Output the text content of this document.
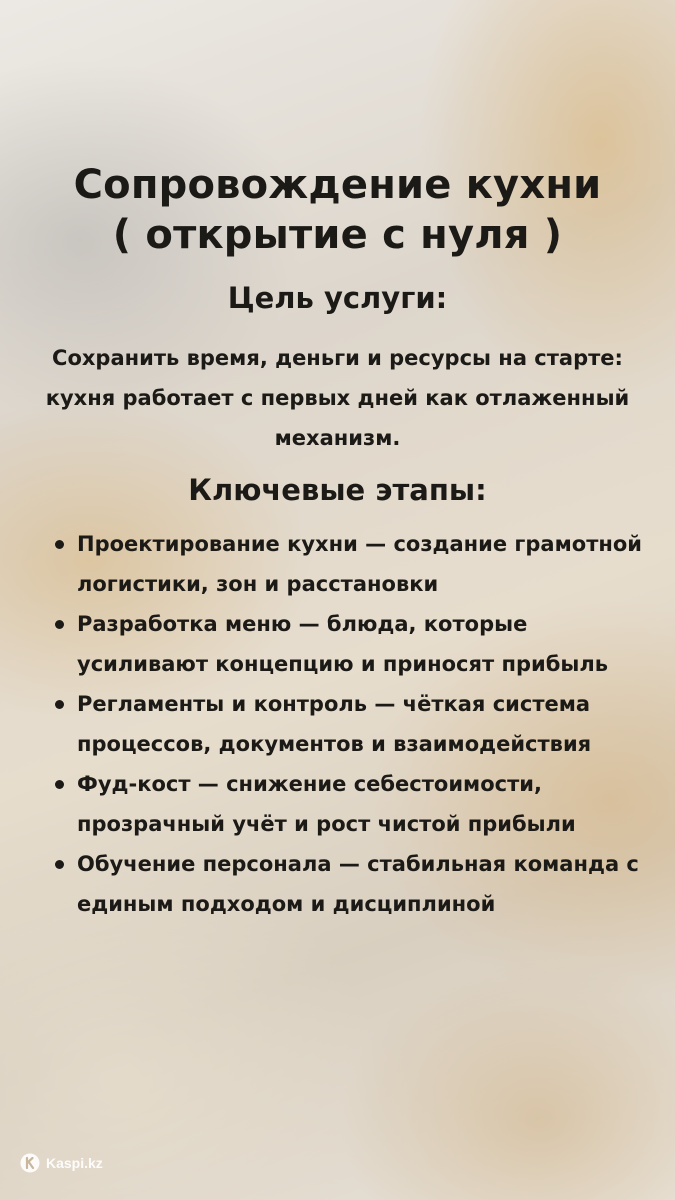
Сопровождение кухни
( открытие с нуля )
Цель услуги:
Сохранить время, деньги и ресурсы на старте: кухня работает с первых дней как отлаженный механизм.
Ключевые этапы:
Проектирование кухни — создание грамотной логистики, зон и расстановки
Разработка меню — блюда, которые усиливают концепцию и приносят прибыль
Регламенты и контроль — чёткая система процессов, документов и взаимодействия
Фуд-кост — снижение себестоимости, прозрачный учёт и рост чистой прибыли
Обучение персонала — стабильная команда с единым подходом и дисциплиной
Kaspi.kz
